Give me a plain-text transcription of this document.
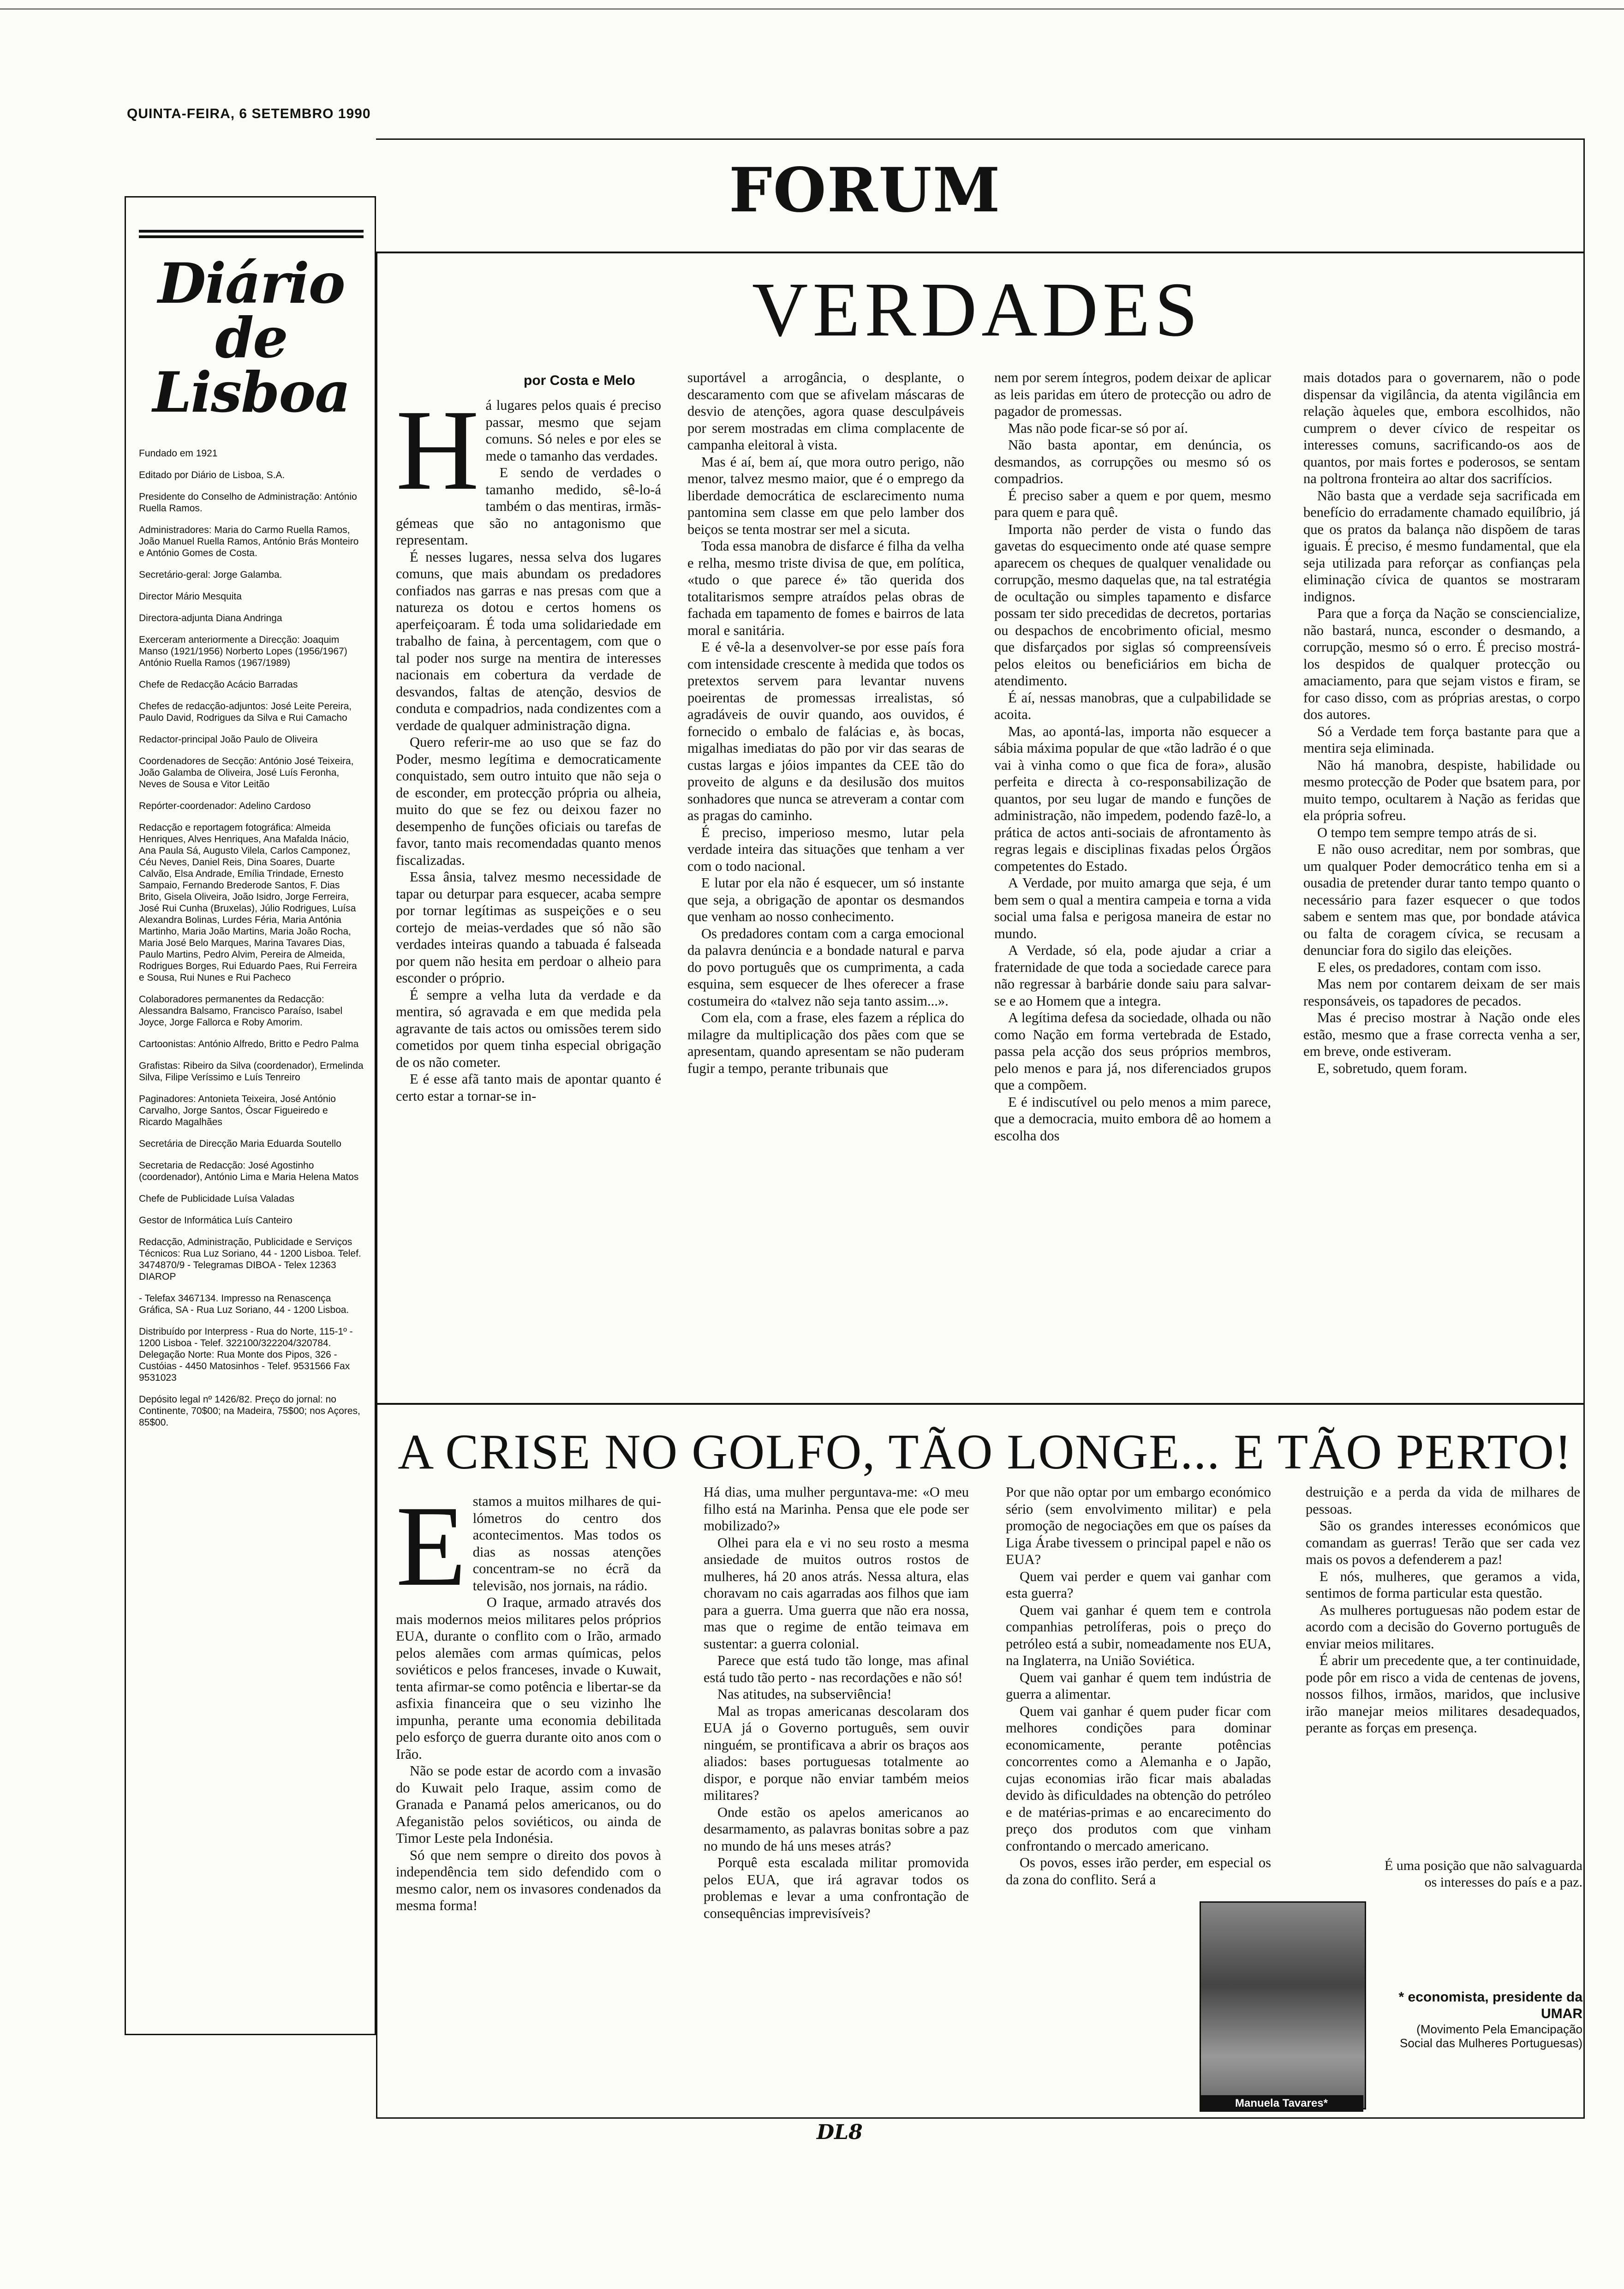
QUINTA-FEIRA, 6 SETEMBRO 1990
FORUM
Diário de Lisboa

Fundado em 1921

Editado por Diário de Lisboa, S.A.

Presidente do Conselho de Administração: António Ruella Ramos.

Administradores: Maria do Carmo Ruella Ramos, João Manuel Ruella Ramos, António Brás Monteiro e António Gomes de Costa.

Secretário-geral: Jorge Galamba.

Director Mário Mesquita

Directora-adjunta Diana Andringa

Exerceram anteriormente a Direcção: Joaquim Manso (1921/1956) Norberto Lopes (1956/1967) António Ruella Ramos (1967/1989)

Chefe de Redacção Acácio Barradas

Chefes de redacção-adjuntos: José Leite Pereira, Paulo David, Rodrigues da Silva e Rui Camacho

Redactor-principal João Paulo de Oliveira

Coordenadores de Secção: António José Teixeira, João Galamba de Oliveira, José Luís Feronha, Neves de Sousa e Vitor Leitão

Repórter-coordenador: Adelino Cardoso

Redacção e reportagem fotográfica: Almeida Henriques, Alves Henriques, Ana Mafalda Inácio, Ana Paula Sá, Augusto Vilela, Carlos Camponez, Céu Neves, Daniel Reis, Dina Soares, Duarte Calvão, Elsa Andrade, Emília Trindade, Ernesto Sampaio, Fernando Brederode Santos, F. Dias Brito, Gisela Oliveira, João Isidro, Jorge Ferreira, José Rui Cunha (Bruxelas), Júlio Rodrigues, Luísa Alexandra Bolinas, Lurdes Féria, Maria Antónia Martinho, Maria João Martins, Maria João Rocha, Maria José Belo Marques, Marina Tavares Dias, Paulo Martins, Pedro Alvim, Pereira de Almeida, Rodrigues Borges, Rui Eduardo Paes, Rui Ferreira e Sousa, Rui Nunes e Rui Pacheco

Colaboradores permanentes da Redacção: Alessandra Balsamo, Francisco Paraíso, Isabel Joyce, Jorge Fallorca e Roby Amorim.

Cartoonistas: António Alfredo, Britto e Pedro Palma

Grafistas: Ribeiro da Silva (coordenador), Ermelinda Silva, Filipe Veríssimo e Luís Tenreiro

Paginadores: Antonieta Teixeira, José António Carvalho, Jorge Santos, Óscar Figueiredo e Ricardo Magalhães

Secretária de Direcção Maria Eduarda Soutello

Secretaria de Redacção: José Agostinho (coordenador), António Lima e Maria Helena Matos

Chefe de Publicidade Luísa Valadas

Gestor de Informática Luís Canteiro

Redacção, Administração, Publicidade e Serviços Técnicos: Rua Luz Soriano, 44 - 1200 Lisboa. Telef. 3474870/9 - Telegramas DIBOA - Telex 12363 DIAROP

- Telefax 3467134. Impresso na Renascença Gráfica, SA - Rua Luz Soriano, 44 - 1200 Lisboa.

Distribuído por Interpress - Rua do Norte, 115-1º - 1200 Lisboa - Telef. 322100/322204/320784. Delegação Norte: Rua Monte dos Pipos, 326 - Custóias - 4450 Matosinhos - Telef. 9531566 Fax 9531023

Depósito legal nº 1426/82. Preço do jornal: no Continente, 70$00; na Madeira, 75$00; nos Açores, 85$00.

VERDADES
por Costa e Melo
H á lugares pelos quais é preciso passar, mesmo que sejam comuns. Só neles e por eles se mede o tamanho das verdades.

E sendo de verdades o tamanho medido, sê-lo-á também o das mentiras, irmãs-gémeas que são no antagonismo que representam.

É nesses lugares, nessa selva dos lugares comuns, que mais abundam os predadores confiados nas garras e nas presas com que a natureza os dotou e certos homens os aperfeiçoaram. É toda uma solidariedade em trabalho de faina, à percentagem, com que o tal poder nos surge na mentira de interesses nacionais em cobertura da verdade de desvandos, faltas de atenção, desvios de conduta e compadrios, nada condizentes com a verdade de qualquer administração digna.

Quero referir-me ao uso que se faz do Poder, mesmo legítima e democraticamente conquistado, sem outro intuito que não seja o de esconder, em protecção própria ou alheia, muito do que se fez ou deixou fazer no desempenho de funções oficiais ou tarefas de favor, tanto mais recomendadas quanto menos fiscalizadas.

Essa ânsia, talvez mesmo necessidade de tapar ou deturpar para esquecer, acaba sempre por tornar legítimas as suspeições e o seu cortejo de meias-verdades que só não são verdades inteiras quando a tabuada é falseada por quem não hesita em perdoar o alheio para esconder o próprio.

É sempre a velha luta da verdade e da mentira, só agravada e em que medida pela agravante de tais actos ou omissões terem sido cometidos por quem tinha especial obrigação de os não cometer.

E é esse afã tanto mais de apontar quanto é certo estar a tornar-se in-

suportável a arrogância, o desplante, o descaramento com que se afivelam máscaras de desvio de atenções, agora quase desculpáveis por serem mostradas em clima complacente de campanha eleitoral à vista.

Mas é aí, bem aí, que mora outro perigo, não menor, talvez mesmo maior, que é o emprego da liberdade democrática de esclarecimento numa pantomina sem classe em que pelo lamber dos beiços se tenta mostrar ser mel a sicuta.

Toda essa manobra de disfarce é filha da velha e relha, mesmo triste divisa de que, em política, «tudo o que parece é» tão querida dos totalitarismos sempre atraídos pelas obras de fachada em tapamento de fomes e bairros de lata moral e sanitária.

E é vê-la a desenvolver-se por esse país fora com intensidade crescente à medida que todos os pretextos servem para levantar nuvens poeirentas de promessas irrealistas, só agradáveis de ouvir quando, aos ouvidos, é fornecido o embalo de falácias e, às bocas, migalhas imediatas do pão por vir das searas de custas largas e jóios impantes da CEE tão do proveito de alguns e da desilusão dos muitos sonhadores que nunca se atreveram a contar com as pragas do caminho.

É preciso, imperioso mesmo, lutar pela verdade inteira das situações que tenham a ver com o todo nacional.

E lutar por ela não é esquecer, um só instante que seja, a obrigação de apontar os desmandos que venham ao nosso conhecimento.

Os predadores contam com a carga emocional da palavra denúncia e a bondade natural e parva do povo português que os cumprimenta, a cada esquina, sem esquecer de lhes oferecer a frase costumeira do «talvez não seja tanto assim...».

Com ela, com a frase, eles fazem a réplica do milagre da multiplicação dos pães com que se apresentam, quando apresentam se não puderam fugir a tempo, perante tribunais que

nem por serem íntegros, podem deixar de aplicar as leis paridas em útero de protecção ou adro de pagador de promessas.

Mas não pode ficar-se só por aí.

Não basta apontar, em denúncia, os desmandos, as corrupções ou mesmo só os compadrios.

É preciso saber a quem e por quem, mesmo para quem e para quê.

Importa não perder de vista o fundo das gavetas do esquecimento onde até quase sempre aparecem os cheques de qualquer venalidade ou corrupção, mesmo daquelas que, na tal estratégia de ocultação ou simples tapamento e disfarce possam ter sido precedidas de decretos, portarias ou despachos de encobrimento oficial, mesmo que disfarçados por siglas só compreensíveis pelos eleitos ou beneficiários em bicha de atendimento.

É aí, nessas manobras, que a culpabilidade se acoita.

Mas, ao apontá-las, importa não esquecer a sábia máxima popular de que «tão ladrão é o que vai à vinha como o que fica de fora», alusão perfeita e directa à co-responsabilização de quantos, por seu lugar de mando e funções de administração, não impedem, podendo fazê-lo, a prática de actos anti-sociais de afrontamento às regras legais e disciplinas fixadas pelos Órgãos competentes do Estado.

A Verdade, por muito amarga que seja, é um bem sem o qual a mentira campeia e torna a vida social uma falsa e perigosa maneira de estar no mundo.

A Verdade, só ela, pode ajudar a criar a fraternidade de que toda a sociedade carece para não regressar à barbárie donde saiu para salvar-se e ao Homem que a integra.

A legítima defesa da sociedade, olhada ou não como Nação em forma vertebrada de Estado, passa pela acção dos seus próprios membros, pelo menos e para já, nos diferenciados grupos que a compõem.

E é indiscutível ou pelo menos a mim parece, que a democracia, muito embora dê ao homem a escolha dos

mais dotados para o governarem, não o pode dispensar da vigilância, da atenta vigilância em relação àqueles que, embora escolhidos, não cumprem o dever cívico de respeitar os interesses comuns, sacrificando-os aos de quantos, por mais fortes e poderosos, se sentam na poltrona fronteira ao altar dos sacrifícios.

Não basta que a verdade seja sacrificada em benefício do erradamente chamado equilíbrio, já que os pratos da balança não dispõem de taras iguais. É preciso, é mesmo fundamental, que ela seja utilizada para reforçar as confianças pela eliminação cívica de quantos se mostraram indignos.

Para que a força da Nação se consciencialize, não bastará, nunca, esconder o desmando, a corrupção, mesmo só o erro. É preciso mostrá-los despidos de qualquer protecção ou amaciamento, para que sejam vistos e firam, se for caso disso, com as próprias arestas, o corpo dos autores.

Só a Verdade tem força bastante para que a mentira seja eliminada.

Não há manobra, despiste, habilidade ou mesmo protecção de Poder que bsatem para, por muito tempo, ocultarem à Nação as feridas que ela própria sofreu.

O tempo tem sempre tempo atrás de si.

E não ouso acreditar, nem por sombras, que um qualquer Poder democrático tenha em si a ousadia de pretender durar tanto tempo quanto o necessário para fazer esquecer o que todos sabem e sentem mas que, por bondade atávica ou falta de coragem cívica, se recusam a denunciar fora do sigilo das eleições.

E eles, os predadores, contam com isso.

Mas nem por contarem deixam de ser mais responsáveis, os tapadores de pecados.

Mas é preciso mostrar à Nação onde eles estão, mesmo que a frase correcta venha a ser, em breve, onde estiveram.

E, sobretudo, quem foram.

A CRISE NO GOLFO, TÃO LONGE... E TÃO PERTO!
E stamos a muitos milhares de qui-lómetros do centro dos acontecimentos. Mas todos os dias as nossas atenções concentram-se no écrã da televisão, nos jornais, na rádio.

O Iraque, armado através dos mais modernos meios militares pelos próprios EUA, durante o conflito com o Irão, armado pelos alemães com armas químicas, pelos soviéticos e pelos franceses, invade o Kuwait, tenta afirmar-se como potência e libertar-se da asfixia financeira que o seu vizinho lhe impunha, perante uma economia debilitada pelo esforço de guerra durante oito anos com o Irão.

Não se pode estar de acordo com a invasão do Kuwait pelo Iraque, assim como de Granada e Panamá pelos americanos, ou do Afeganistão pelos soviéticos, ou ainda de Timor Leste pela Indonésia.

Só que nem sempre o direito dos povos à independência tem sido defendido com o mesmo calor, nem os invasores condenados da mesma forma!

Há dias, uma mulher perguntava-me: «O meu filho está na Marinha. Pensa que ele pode ser mobilizado?»

Olhei para ela e vi no seu rosto a mesma ansiedade de muitos outros rostos de mulheres, há 20 anos atrás. Nessa altura, elas choravam no cais agarradas aos filhos que iam para a guerra. Uma guerra que não era nossa, mas que o regime de então teimava em sustentar: a guerra colonial.

Parece que está tudo tão longe, mas afinal está tudo tão perto - nas recordações e não só!

Nas atitudes, na subserviência!

Mal as tropas americanas descolaram dos EUA já o Governo português, sem ouvir ninguém, se prontificava a abrir os braços aos aliados: bases portuguesas totalmente ao dispor, e porque não enviar também meios militares?

Onde estão os apelos americanos ao desarmamento, as palavras bonitas sobre a paz no mundo de há uns meses atrás?

Porquê esta escalada militar promovida pelos EUA, que irá agravar todos os problemas e levar a uma confrontação de consequências imprevisíveis?

Por que não optar por um embargo económico sério (sem envolvimento militar) e pela promoção de negociações em que os países da Liga Árabe tivessem o principal papel e não os EUA?

Quem vai perder e quem vai ganhar com esta guerra?

Quem vai ganhar é quem tem e controla companhias petrolíferas, pois o preço do petróleo está a subir, nomeadamente nos EUA, na Inglaterra, na União Soviética.

Quem vai ganhar é quem tem indústria de guerra a alimentar.

Quem vai ganhar é quem puder ficar com melhores condições para dominar economicamente, perante potências concorrentes como a Alemanha e o Japão, cujas economias irão ficar mais abaladas devido às dificuldades na obtenção do petróleo e de matérias-primas e ao encarecimento do preço dos produtos com que vinham confrontando o mercado americano.

Os povos, esses irão perder, em especial os da zona do conflito. Será a

destruição e a perda da vida de milhares de pessoas.

São os grandes interesses económicos que comandam as guerras! Terão que ser cada vez mais os povos a defenderem a paz!

E nós, mulheres, que geramos a vida, sentimos de forma particular esta questão.

As mulheres portuguesas não podem estar de acordo com a decisão do Governo português de enviar meios militares.

É abrir um precedente que, a ter continuidade, pode pôr em risco a vida de centenas de jovens, nossos filhos, irmãos, maridos, que inclusive irão manejar meios militares desadequados, perante as forças em presença.

É uma posição que não salvaguarda os interesses do país e a paz.
Manuela Tavares*
* economista, presidente da UMAR
(Movimento Pela Emancipação Social das Mulheres Portuguesas)
DL8
